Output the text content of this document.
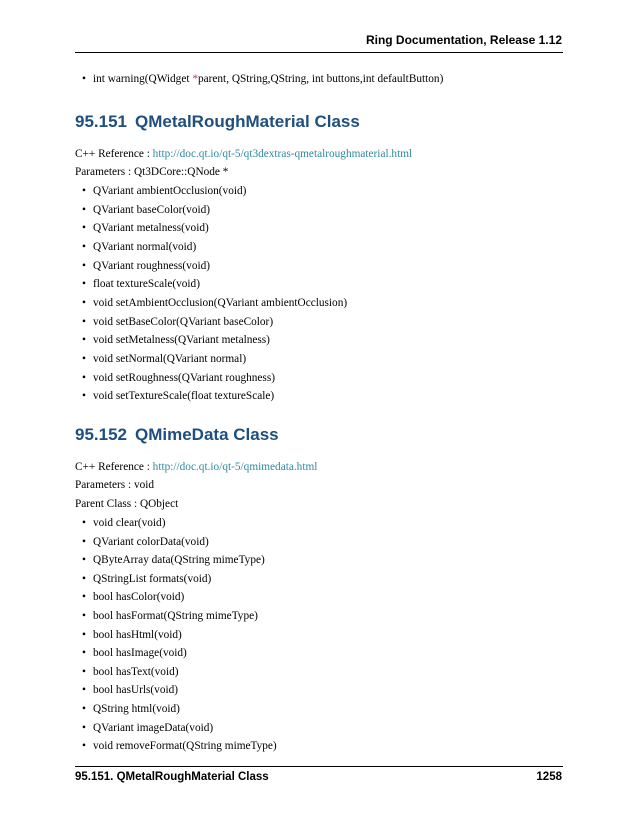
Ring Documentation, Release 1.12
• int warning(QWidget *parent, QString,QString, int buttons,int defaultButton)
95.151 QMetalRoughMaterial Class
C++ Reference : http://doc.qt.io/qt-5/qt3dextras-qmetalroughmaterial.html
Parameters : Qt3DCore::QNode *
• QVariant ambientOcclusion(void)
• QVariant baseColor(void)
• QVariant metalness(void)
• QVariant normal(void)
• QVariant roughness(void)
• float textureScale(void)
• void setAmbientOcclusion(QVariant ambientOcclusion)
• void setBaseColor(QVariant baseColor)
• void setMetalness(QVariant metalness)
• void setNormal(QVariant normal)
• void setRoughness(QVariant roughness)
• void setTextureScale(float textureScale)
95.152 QMimeData Class
C++ Reference : http://doc.qt.io/qt-5/qmimedata.html
Parameters : void
Parent Class : QObject
• void clear(void)
• QVariant colorData(void)
• QByteArray data(QString mimeType)
• QStringList formats(void)
• bool hasColor(void)
• bool hasFormat(QString mimeType)
• bool hasHtml(void)
• bool hasImage(void)
• bool hasText(void)
• bool hasUrls(void)
• QString html(void)
• QVariant imageData(void)
• void removeFormat(QString mimeType)
95.151. QMetalRoughMaterial Class	1258
